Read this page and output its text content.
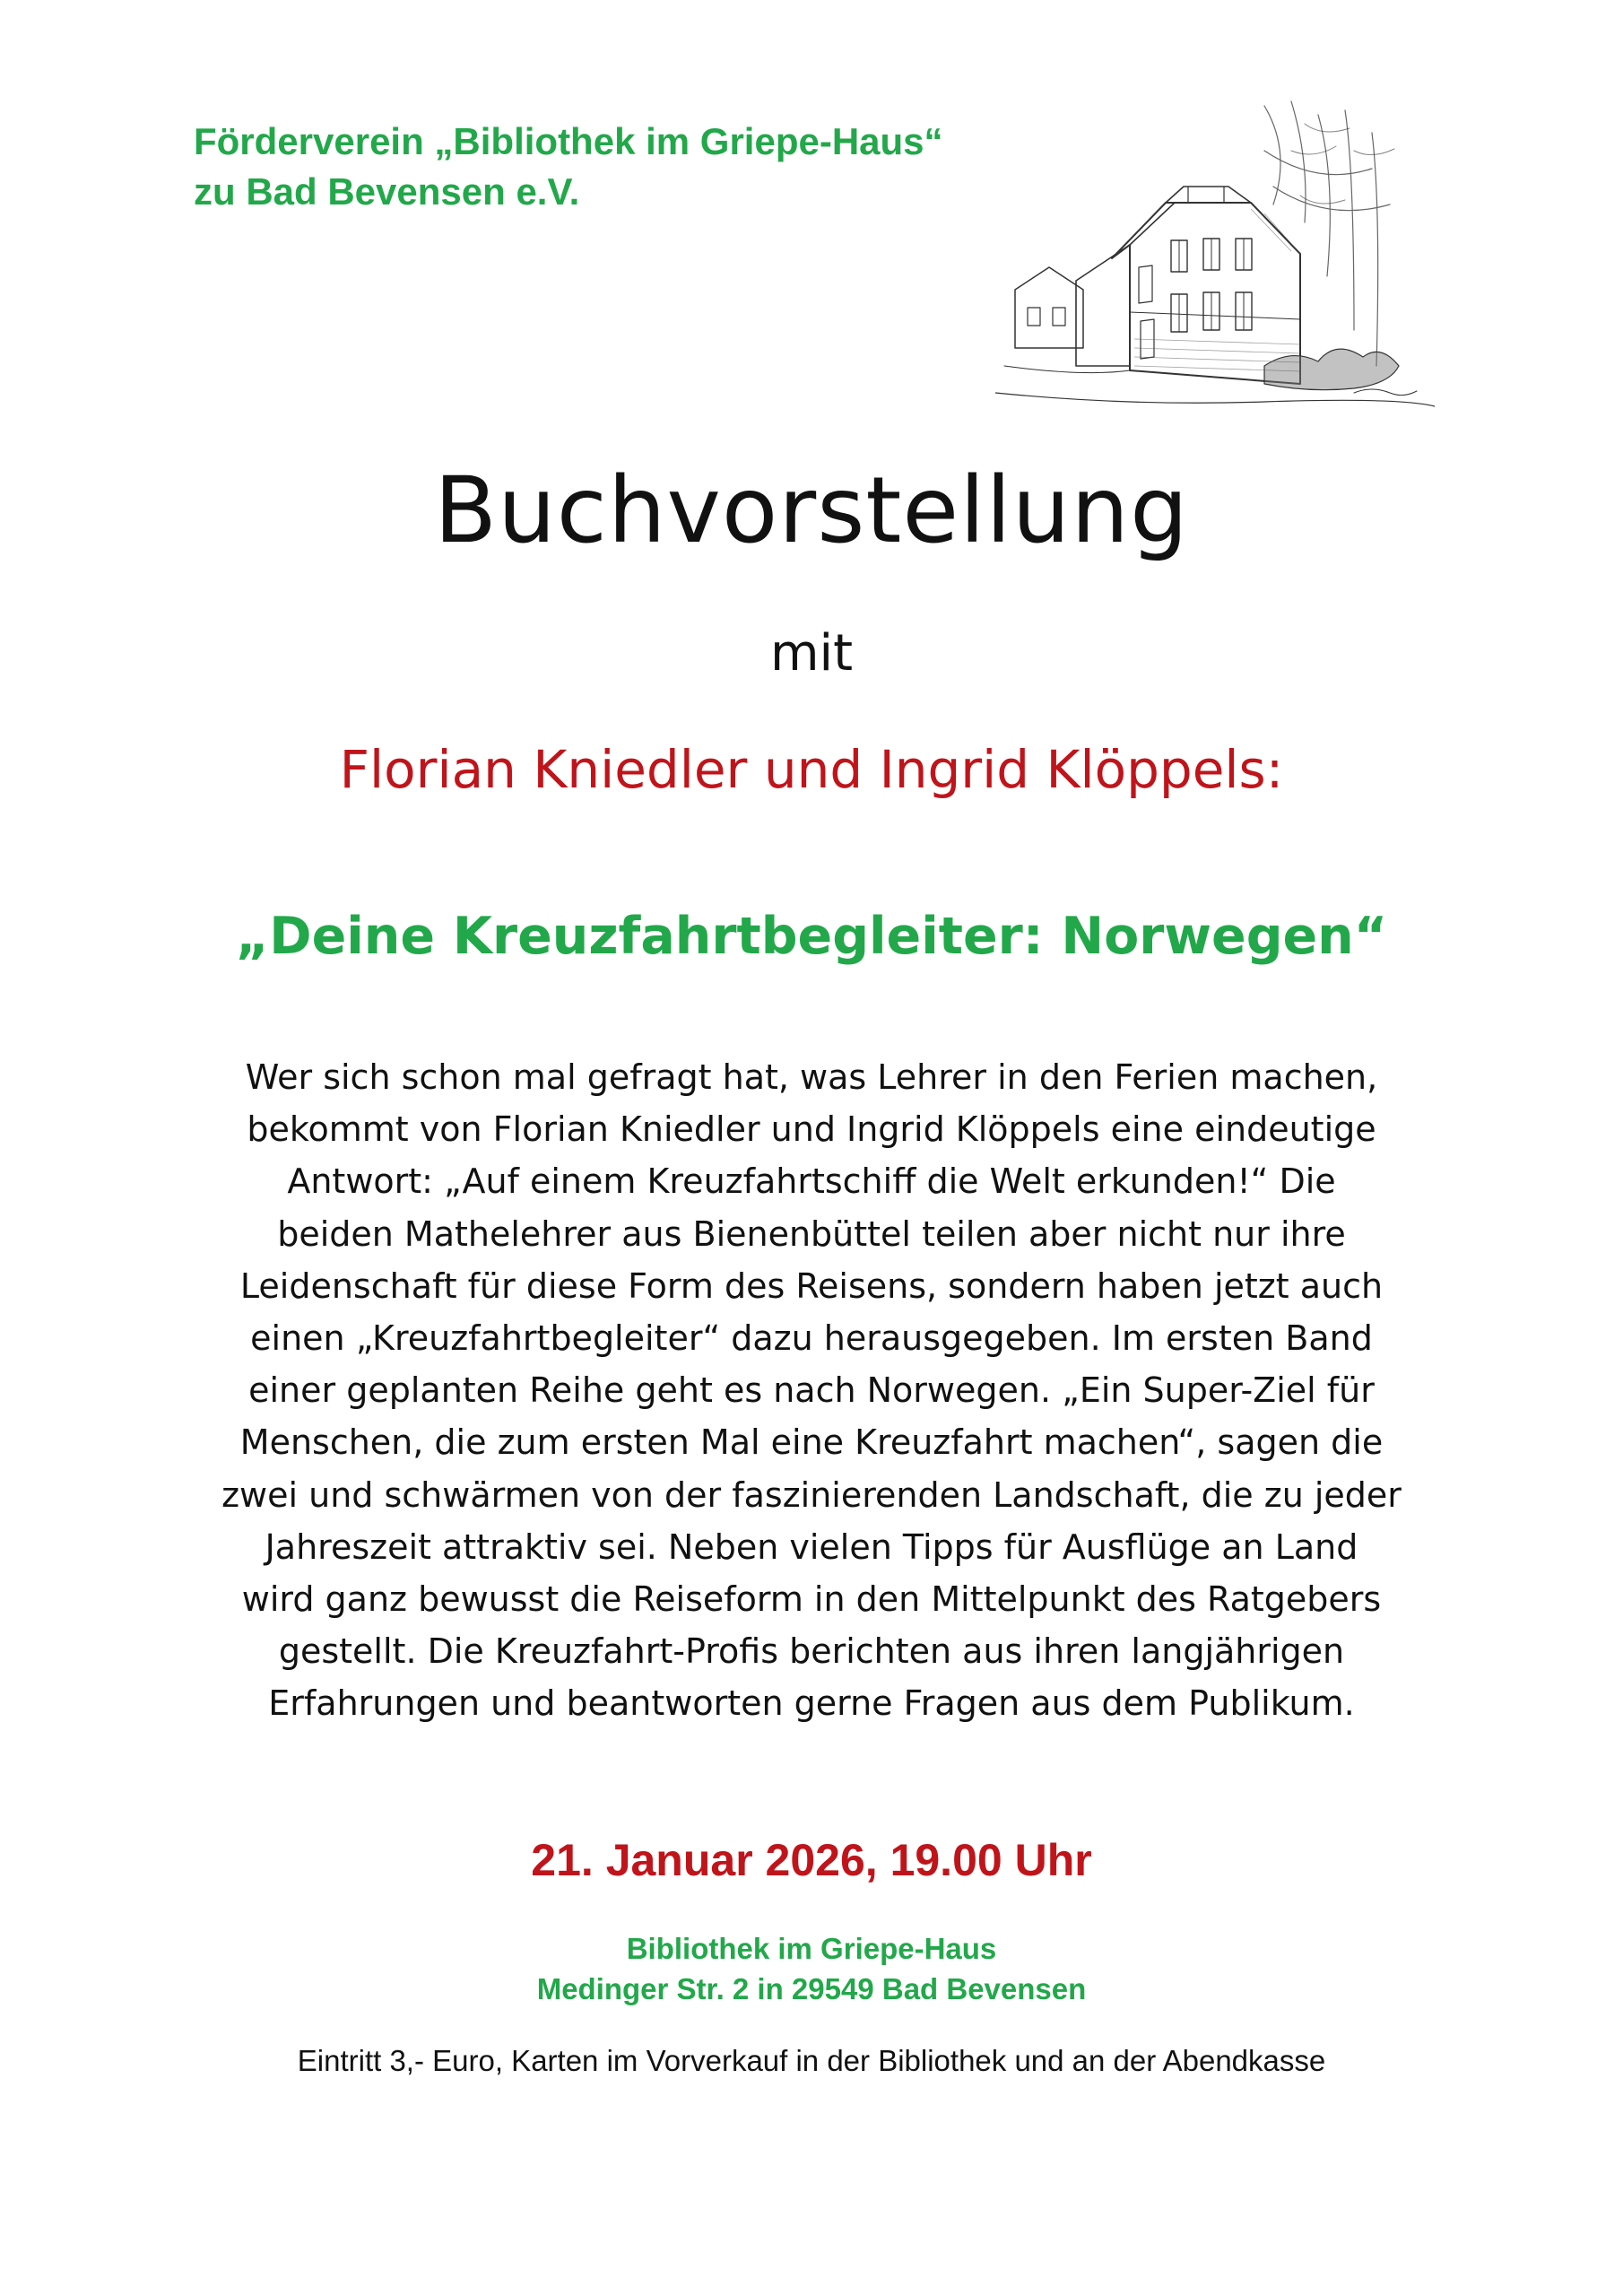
Förderverein „Bibliothek im Griepe-Haus“
zu Bad Bevensen e.V.
Buchvorstellung
mit
Florian Kniedler und Ingrid Klöppels:
„Deine Kreuzfahrtbegleiter: Norwegen“
Wer sich schon mal gefragt hat, was Lehrer in den Ferien machen,
bekommt von Florian Kniedler und Ingrid Klöppels eine eindeutige
Antwort: „Auf einem Kreuzfahrtschiff die Welt erkunden!“ Die
beiden Mathelehrer aus Bienenbüttel teilen aber nicht nur ihre
Leidenschaft für diese Form des Reisens, sondern haben jetzt auch
einen „Kreuzfahrtbegleiter“ dazu herausgegeben. Im ersten Band
einer geplanten Reihe geht es nach Norwegen. „Ein Super-Ziel für
Menschen, die zum ersten Mal eine Kreuzfahrt machen“, sagen die
zwei und schwärmen von der faszinierenden Landschaft, die zu jeder
Jahreszeit attraktiv sei. Neben vielen Tipps für Ausflüge an Land
wird ganz bewusst die Reiseform in den Mittelpunkt des Ratgebers
gestellt. Die Kreuzfahrt-Profis berichten aus ihren langjährigen
Erfahrungen und beantworten gerne Fragen aus dem Publikum.
21. Januar 2026, 19.00 Uhr
Bibliothek im Griepe-Haus
Medinger Str. 2 in 29549 Bad Bevensen
Eintritt 3,- Euro, Karten im Vorverkauf in der Bibliothek und an der Abendkasse
